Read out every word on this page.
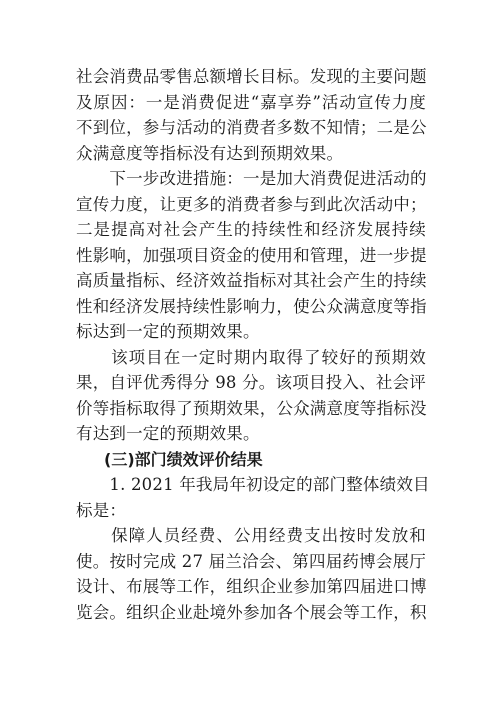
社会消费品零售总额增长目标。发现的主要问题
及原因：一是消费促进“嘉享券”活动宣传力度
不到位，参与活动的消费者多数不知情；二是公
众满意度等指标没有达到预期效果。
　　下一步改进措施：一是加大消费促进活动的
宣传力度，让更多的消费者参与到此次活动中；
二是提高对社会产生的持续性和经济发展持续
性影响，加强项目资金的使用和管理，进一步提
高质量指标、经济效益指标对其社会产生的持续
性和经济发展持续性影响力，使公众满意度等指
标达到一定的预期效果。
　　该项目在一定时期内取得了较好的预期效
果，自评优秀得分 98 分。该项目投入、社会评
价等指标取得了预期效果，公众满意度等指标没
有达到一定的预期效果。
(三)部门绩效评价结果
　　1. 2021 年我局年初设定的部门整体绩效目
标是：
　　保障人员经费、公用经费支出按时发放和
使。按时完成 27 届兰洽会、第四届药博会展厅
设计、布展等工作，组织企业参加第四届进口博
览会。组织企业赴境外参加各个展会等工作，积
